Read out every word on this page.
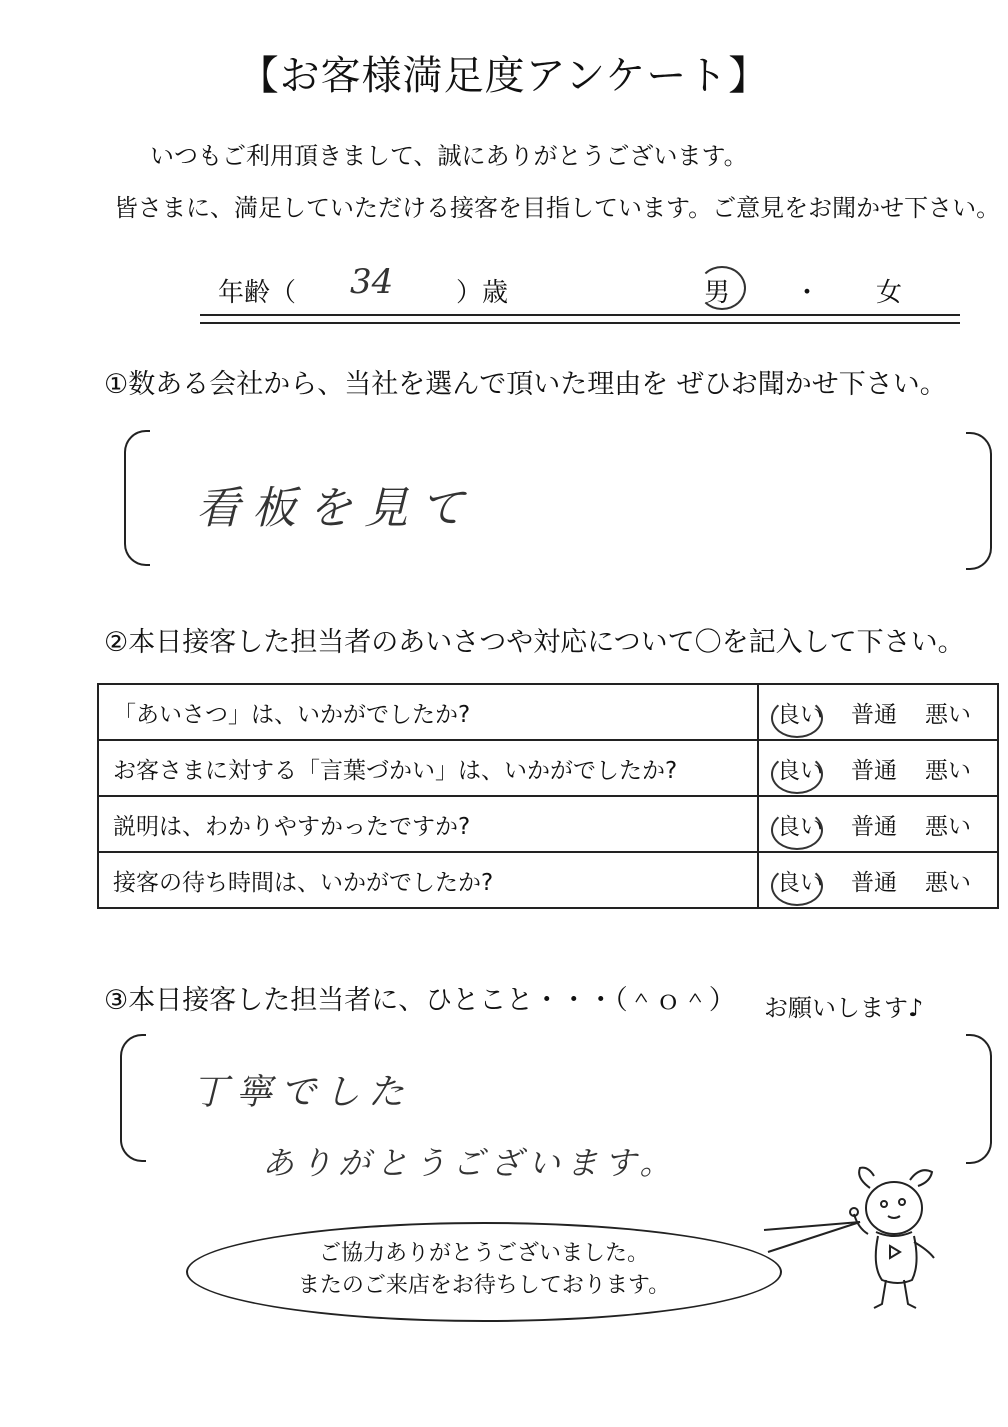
【お客様満足度アンケート】
いつもご利用頂きまして、誠にありがとうございます。
皆さまに、満足していただける接客を目指しています。ご意見をお聞かせ下さい。
年齢（ 34 ）歳	男 ・ 女
①数ある会社から、当社を選んで頂いた理由を ぜひお聞かせ下さい。
看板を見て
②本日接客した担当者のあいさつや対応について〇を記入して下さい。
「あいさつ」は、いかがでしたか?	良い 普通 悪い

お客さまに対する「言葉づかい」は、いかがでしたか?	良い 普通 悪い

説明は、わかりやすかったですか?	良い 普通 悪い

接客の待ち時間は、いかがでしたか?	良い 普通 悪い
③本日接客した担当者に、ひとこと・・・（＾ｏ＾） お願いします♪
丁寧でした
ありがとうございます。
ご協力ありがとうございました。
またのご来店をお待ちしております。
